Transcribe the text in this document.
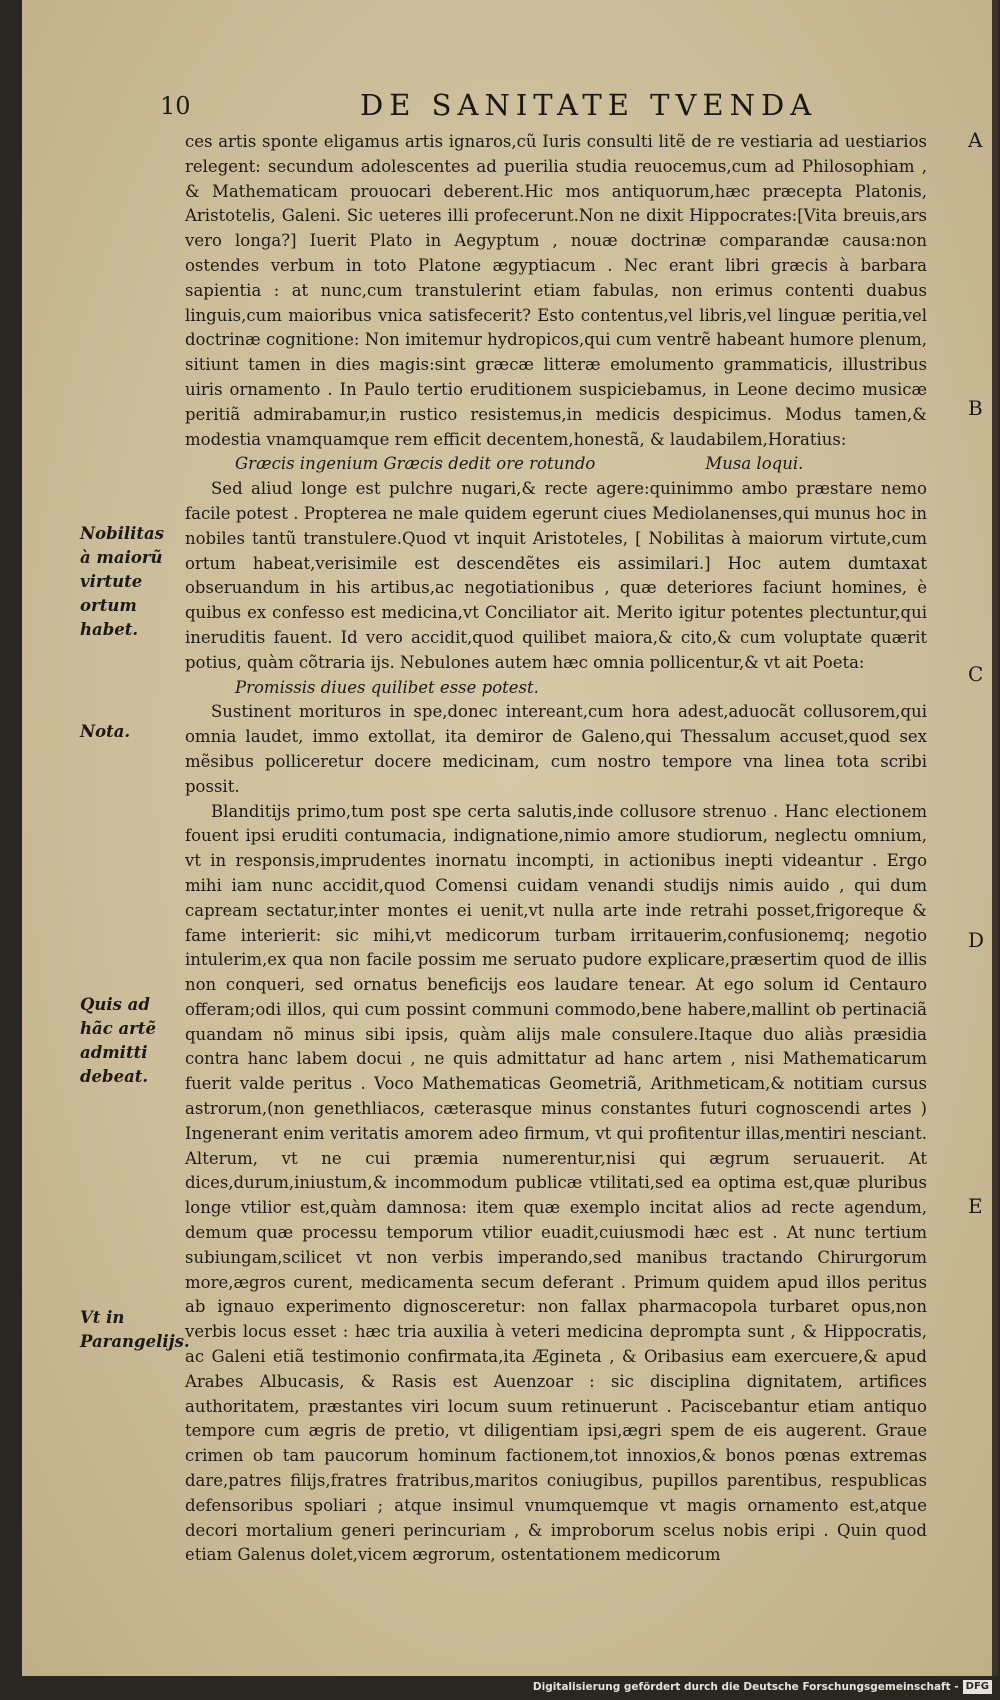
10	DE SANITATE TVENDA

ces artis sponte eligamus artis ignaros,cũ Iuris consulti litẽ de re vestiaria ad uestiarios relegent: secundum adolescentes ad puerilia studia reuocemus,cum ad Philosophiam , & Mathematicam prouocari deberent.Hic mos antiquorum,hæc præcepta Platonis, Aristotelis, Galeni. Sic ueteres illi profecerunt.Non ne dixit Hippocrates:[Vita breuis,ars vero longa?] Iuerit Plato in Aegyptum , nouæ doctrinæ comparandæ causa:non ostendes verbum in toto Platone ægyptiacum . Nec erant libri græcis à barbara sapientia : at nunc,cum transtulerint etiam fabulas, non erimus contenti duabus linguis,cum maioribus vnica satisfecerit? Esto contentus,vel libris,vel linguæ peritia,vel doctrinæ cognitione: Non imitemur hydropicos,qui cum ventrẽ habeant humore plenum, sitiunt tamen in dies magis:sint græcæ litteræ emolumento grammaticis, illustribus uiris ornamento . In Paulo tertio eruditionem suspiciebamus, in Leone decimo musicæ peritiã admirabamur,in rustico resistemus,in medicis despicimus. Modus tamen,& modestia vnamquamque rem efficit decentem,honestã, & laudabilem,Horatius:

Græcis ingenium Græcis dedit ore rotundo	Musa loqui.

Sed aliud longe est pulchre nugari,& recte agere:quinimmo ambo præstare nemo facile potest . Propterea ne male quidem egerunt ciues Mediolanenses,qui munus hoc in nobiles tantũ transtulere.Quod vt inquit Aristoteles, [ Nobilitas à maiorum virtute,cum ortum habeat,verisimile est descendẽtes eis assimilari.] Hoc autem dumtaxat obseruandum in his artibus,ac negotiationibus , quæ deteriores faciunt homines, è quibus ex confesso est medicina,vt Conciliator ait. Merito igitur potentes plectuntur,qui ineruditis fauent. Id vero accidit,quod quilibet maiora,& cito,& cum voluptate quærit potius, quàm cõtraria ijs. Nebulones autem hæc omnia pollicentur,& vt ait Poeta:

Promissis diues quilibet esse potest.

Sustinent morituros in spe,donec intereant,cum hora adest,aduocãt collusorem,qui omnia laudet, immo extollat, ita demiror de Galeno,qui Thessalum accuset,quod sex mẽsibus polliceretur docere medicinam, cum nostro tempore vna linea tota scribi possit.

Blanditijs primo,tum post spe certa salutis,inde collusore strenuo . Hanc electionem fouent ipsi eruditi contumacia, indignatione,nimio amore studiorum, neglectu omnium, vt in responsis,imprudentes inornatu incompti, in actionibus inepti videantur . Ergo mihi iam nunc accidit,quod Comensi cuidam venandi studijs nimis auido , qui dum capream sectatur,inter montes ei uenit,vt nulla arte inde retrahi posset,frigoreque & fame interierit: sic mihi,vt medicorum turbam irritauerim,confusionemq; negotio intulerim,ex qua non facile possim me seruato pudore explicare,præsertim quod de illis non conqueri, sed ornatus beneficijs eos laudare tenear. At ego solum id Centauro offeram;odi illos, qui cum possint communi commodo,bene habere,mallint ob pertinaciã quandam nõ minus sibi ipsis, quàm alijs male consulere.Itaque duo aliàs præsidia contra hanc labem docui , ne quis admittatur ad hanc artem , nisi Mathematicarum fuerit valde peritus . Voco Mathematicas Geometriã, Arithmeticam,& notitiam cursus astrorum,(non genethliacos, cæterasque minus constantes futuri cognoscendi artes ) Ingenerant enim veritatis amorem adeo firmum, vt qui profitentur illas,mentiri nesciant. Alterum, vt ne cui præmia numerentur,nisi qui ægrum seruauerit. At dices,durum,iniustum,& incommodum publicæ vtilitati,sed ea optima est,quæ pluribus longe vtilior est,quàm damnosa: item quæ exemplo incitat alios ad recte agendum, demum quæ processu temporum vtilior euadit,cuiusmodi hæc est . At nunc tertium subiungam,scilicet vt non verbis imperando,sed manibus tractando Chirurgorum more,ægros curent, medicamenta secum deferant . Primum quidem apud illos peritus ab ignauo experimento dignosceretur: non fallax pharmacopola turbaret opus,non verbis locus esset : hæc tria auxilia à veteri medicina deprompta sunt , & Hippocratis, ac Galeni etiã testimonio confirmata,ita Ægineta , & Oribasius eam exercuere,& apud Arabes Albucasis, & Rasis est Auenzoar : sic disciplina dignitatem, artifices authoritatem, præstantes viri locum suum retinuerunt . Paciscebantur etiam antiquo tempore cum ægris de pretio, vt diligentiam ipsi,ægri spem de eis augerent. Graue crimen ob tam paucorum hominum factionem,tot innoxios,& bonos pœnas extremas dare,patres filijs,fratres fratribus,maritos coniugibus, pupillos parentibus, respublicas defensoribus spoliari ; atque insimul vnumquemque vt magis ornamento est,atque decori mortalium generi perincuriam , & improborum scelus nobis eripi . Quin quod etiam Galenus dolet,vicem ægrorum, ostentationem medicorum

Nobilitas à maiorũ virtute ortum habet.
Nota.
Quis ad hãc artẽ admitti debeat.
Vt in Parangelijs.
A
B
C
D
E
Digitalisierung gefördert durch die Deutsche Forschungsgemeinschaft - DFG
